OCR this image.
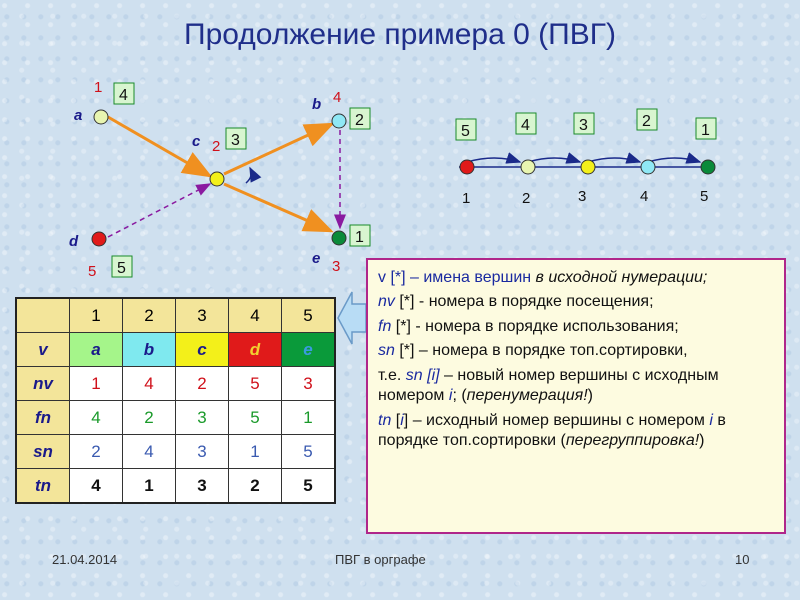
Продолжение примера 0 (ПВГ)
a
b
c
d
e
1
4
2
5	3
4
2
3
5
1
5	4	3	2
1
1	2	3	4	5
	1	2	3	4	5
v	a	b	c	d	e
nv	1	4	2	5	3
fn	4	2	3	5	1
sn	2	4	3	1	5
tn	4	1	3	2	5

v [*] – имена вершин в исходной нумерации;

nv [*] - номера в порядке посещения;

fn [*] - номера в порядке использования;

sn [*] – номера в порядке топ.сортировки,

т.е. sn [i] – новый номер вершины с исходным номером i; (перенумерация!)

tn [i] – исходный номер вершины с номером i в порядке топ.сортировки (перегруппировка!)

21.04.2014	ПВГ в орграфе	10
